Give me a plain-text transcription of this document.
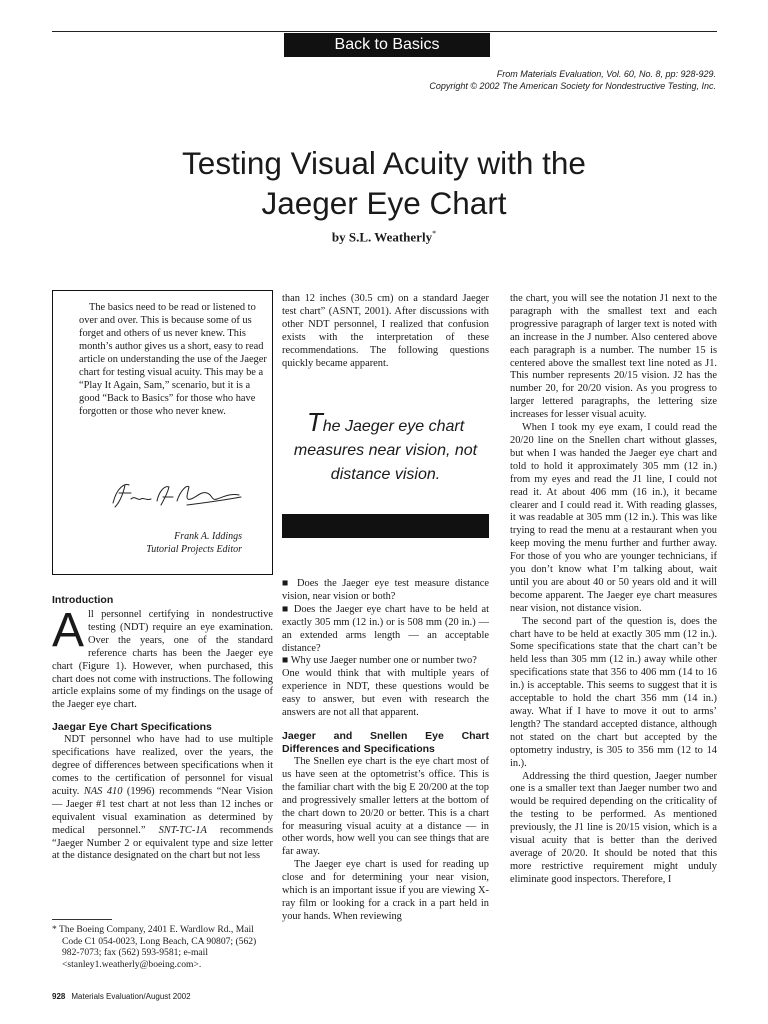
Back to Basics
From Materials Evaluation, Vol. 60, No. 8, pp: 928-929.
Copyright © 2002 The American Society for Nondestructive Testing, Inc.
Testing Visual Acuity with the
Jaeger Eye Chart
by S.L. Weatherly*

The basics need to be read or listened to over and over. This is because some of us forget and others of us never knew. This month’s author gives us a short, easy to read article on understanding the use of the Jaeger chart for testing visual acuity. This may be a “Play It Again, Sam,” scenario, but it is a good “Back to Basics” for those who have forgotten or those who never knew.

Frank A. Iddings
Tutorial Projects Editor

Introduction

All personnel certifying in nondestructive testing (NDT) require an eye examination. Over the years, one of the standard reference charts has been the Jaeger eye chart (Figure 1). However, when purchased, this chart does not come with instructions. The following article explains some of my findings on the usage of the Jaeger eye chart.

Jaegar Eye Chart Specifications

NDT personnel who have had to use multiple specifications have realized, over the years, the degree of differences between specifications when it comes to the certification of personnel for visual acuity. NAS 410 (1996) recommends “Near Vision — Jaeger #1 test chart at not less than 12 inches or equivalent visual examination as determined by medical personnel.” SNT-TC-1A recommends “Jaeger Number 2 or equivalent type and size letter at the distance designated on the chart but not less

* The Boeing Company, 2401 E. Wardlow Rd., Mail Code C1 054-0023, Long Beach, CA 90807; (562) 982-7073; fax (562) 593-9581; e-mail <stanley1.weatherly@boeing.com>.

than 12 inches (30.5 cm) on a standard Jaeger test chart” (ASNT, 2001). After discussions with other NDT personnel, I realized that confusion exists with the interpretation of these recommendations. The following questions quickly became apparent.

The Jaeger eye chart measures near vision, not distance vision.

■ Does the Jaeger eye test measure distance vision, near vision or both?

■ Does the Jaeger eye chart have to be held at exactly 305 mm (12 in.) or is 508 mm (20 in.) — an extended arms length — an acceptable distance?

■ Why use Jaeger number one or number two?

One would think that with multiple years of experience in NDT, these questions would be easy to answer, but even with research the answers are not all that apparent.

Jaeger and Snellen Eye Chart Differences and Specifications

The Snellen eye chart is the eye chart most of us have seen at the optometrist’s office. This is the familiar chart with the big E 20/200 at the top and progressively smaller letters at the bottom of the chart down to 20/20 or better. This is a chart for measuring visual acuity at a distance — in other words, how well you can see things that are far away.

The Jaeger eye chart is used for reading up close and for determining your near vision, which is an important issue if you are viewing X-ray film or looking for a crack in a part held in your hands. When reviewing

the chart, you will see the notation J1 next to the paragraph with the smallest text and each progressive paragraph of larger text is noted with an increase in the J number. Also centered above each paragraph is a number. The number 15 is centered above the smallest text line noted as J1. This number represents 20/15 vision. J2 has the number 20, for 20/20 vision. As you progress to larger lettered paragraphs, the lettering size increases for lesser visual acuity.

When I took my eye exam, I could read the 20/20 line on the Snellen chart without glasses, but when I was handed the Jaeger eye chart and told to hold it approximately 305 mm (12 in.) from my eyes and read the J1 line, I could not read it. At about 406 mm (16 in.), it became clearer and I could read it. With reading glasses, it was readable at 305 mm (12 in.). This was like trying to read the menu at a restaurant when you keep moving the menu further and further away. For those of you who are younger technicians, if you don’t know what I’m talking about, wait until you are about 40 or 50 years old and it will become apparent. The Jaeger eye chart measures near vision, not distance vision.

The second part of the question is, does the chart have to be held at exactly 305 mm (12 in.). Some specifications state that the chart can’t be held less than 305 mm (12 in.) away while other specifications state that 356 to 406 mm (14 to 16 in.) is acceptable. This seems to suggest that it is acceptable to hold the chart 356 mm (14 in.) away. What if I have to move it out to arms’ length? The standard accepted distance, although not stated on the chart but accepted by the optometry industry, is 305 to 356 mm (12 to 14 in.).

Addressing the third question, Jaeger number one is a smaller text than Jaeger number two and would be required depending on the criticality of the testing to be performed. As mentioned previously, the J1 line is 20/15 vision, which is a visual acuity that is better than the derived average of 20/20. It should be noted that this more restrictive requirement might unduly eliminate good inspectors. Therefore, I

928 Materials Evaluation/August 2002
